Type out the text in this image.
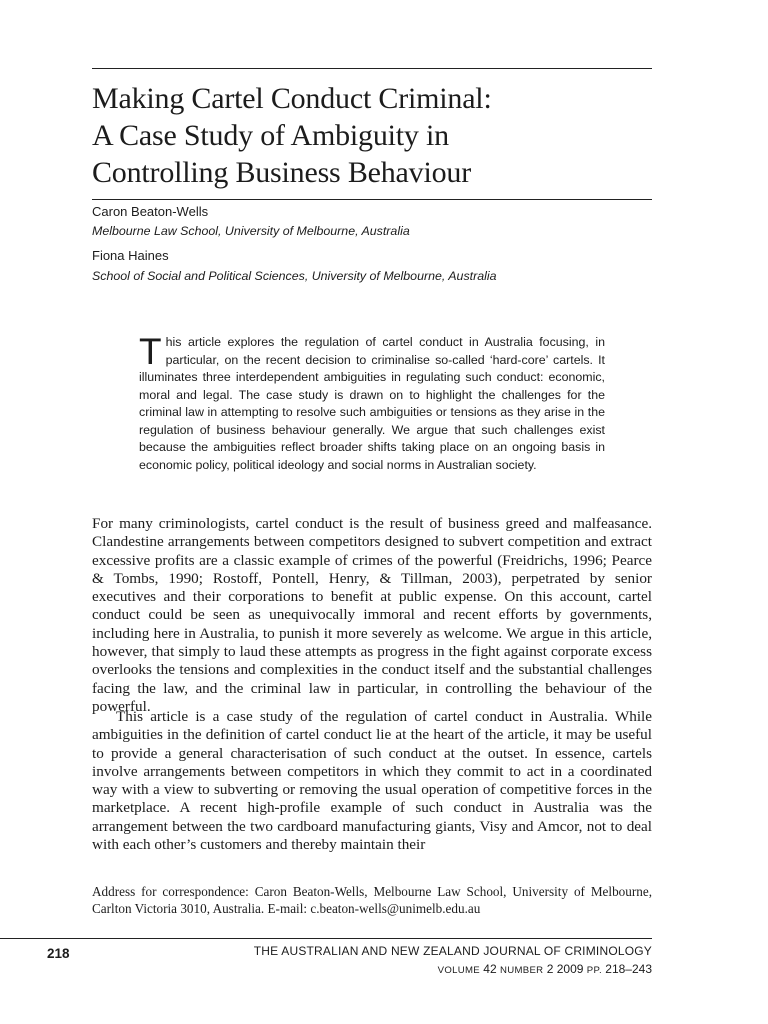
Making Cartel Conduct Criminal:
A Case Study of Ambiguity in
Controlling Business Behaviour
Caron Beaton-Wells
Melbourne Law School, University of Melbourne, Australia
Fiona Haines
School of Social and Political Sciences, University of Melbourne, Australia

This article explores the regulation of cartel conduct in Australia focusing, in particular, on the recent decision to criminalise so-called ‘hard-core’ cartels. It illuminates three interdependent ambiguities in regulating such conduct: economic, moral and legal. The case study is drawn on to highlight the challenges for the criminal law in attempting to resolve such ambiguities or tensions as they arise in the regulation of business behaviour generally. We argue that such challenges exist because the ambiguities reflect broader shifts taking place on an ongoing basis in economic policy, political ideology and social norms in Australian society.

For many criminologists, cartel conduct is the result of business greed and malfeasance. Clandestine arrangements between competitors designed to subvert competition and extract excessive profits are a classic example of crimes of the powerful (Freidrichs, 1996; Pearce & Tombs, 1990; Rostoff, Pontell, Henry, & Tillman, 2003), perpetrated by senior executives and their corporations to benefit at public expense. On this account, cartel conduct could be seen as unequivocally immoral and recent efforts by governments, including here in Australia, to punish it more severely as welcome. We argue in this article, however, that simply to laud these attempts as progress in the fight against corporate excess overlooks the tensions and complexities in the conduct itself and the substantial challenges facing the law, and the criminal law in particular, in controlling the behaviour of the powerful.

This article is a case study of the regulation of cartel conduct in Australia. While ambiguities in the definition of cartel conduct lie at the heart of the article, it may be useful to provide a general characterisation of such conduct at the outset. In essence, cartels involve arrangements between competitors in which they commit to act in a coordinated way with a view to subverting or removing the usual operation of competitive forces in the marketplace. A recent high-profile example of such conduct in Australia was the arrangement between the two cardboard manufacturing giants, Visy and Amcor, not to deal with each other’s customers and thereby maintain their

Address for correspondence: Caron Beaton-Wells, Melbourne Law School, University of Melbourne, Carlton Victoria 3010, Australia. E-mail: c.beaton-wells@unimelb.edu.au

218	THE AUSTRALIAN AND NEW ZEALAND JOURNAL OF CRIMINOLOGY
VOLUME 42 NUMBER 2 2009 PP. 218–243
